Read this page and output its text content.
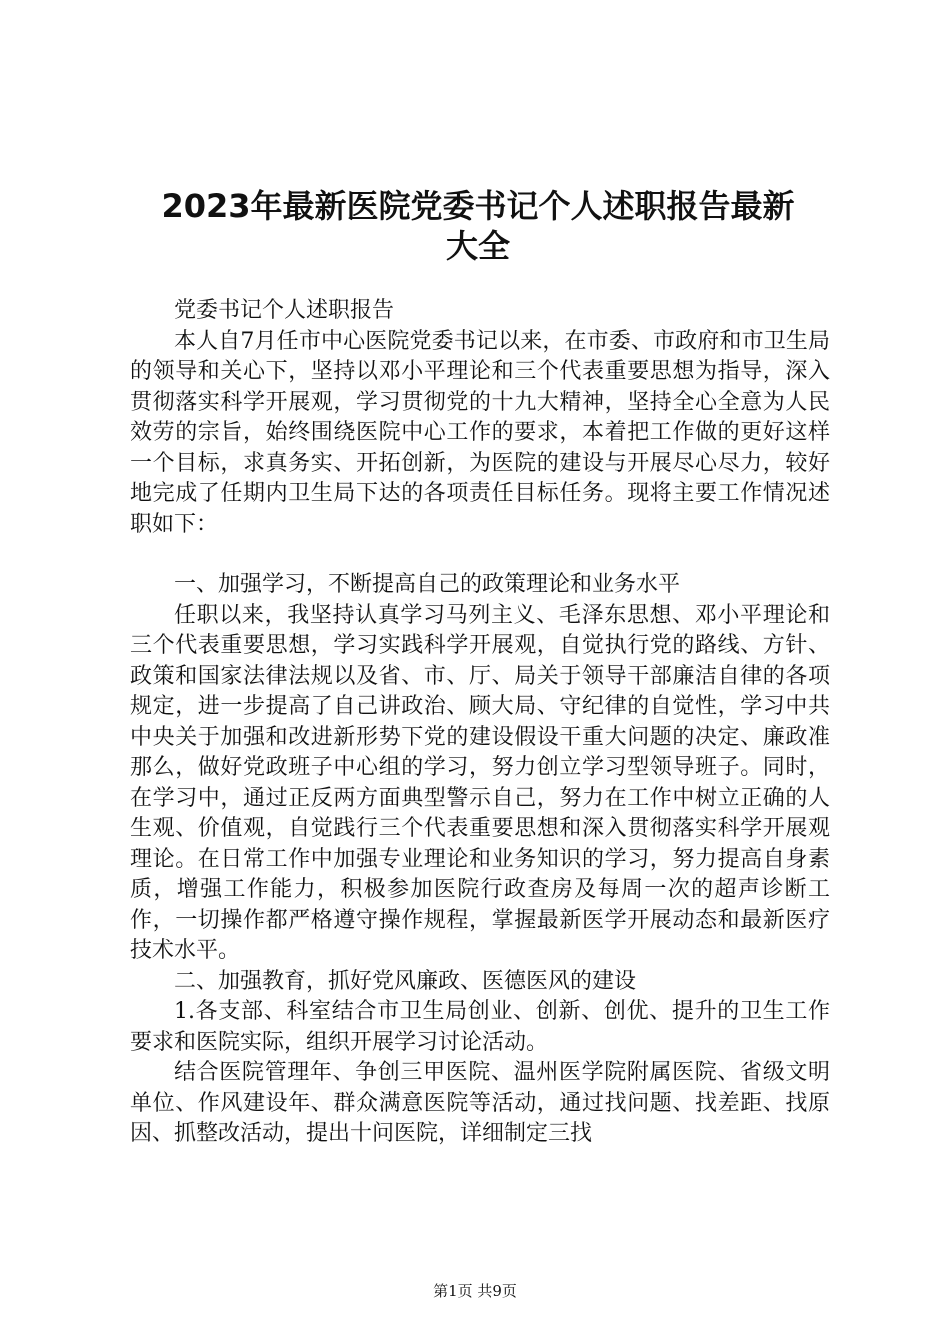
2023年最新医院党委书记个人述职报告最新
大全

党委书记个人述职报告

本人自7月任市中心医院党委书记以来，在市委、市政府和市卫生局的领导和关心下，坚持以邓小平理论和三个代表重要思想为指导，深入贯彻落实科学开展观，学习贯彻党的十九大精神，坚持全心全意为人民效劳的宗旨，始终围绕医院中心工作的要求，本着把工作做的更好这样一个目标，求真务实、开拓创新，为医院的建设与开展尽心尽力，较好地完成了任期内卫生局下达的各项责任目标任务。现将主要工作情况述职如下：

一、加强学习，不断提高自己的政策理论和业务水平

任职以来，我坚持认真学习马列主义、毛泽东思想、邓小平理论和三个代表重要思想，学习实践科学开展观，自觉执行党的路线、方针、政策和国家法律法规以及省、市、厅、局关于领导干部廉洁自律的各项规定，进一步提高了自己讲政治、顾大局、守纪律的自觉性，学习中共中央关于加强和改进新形势下党的建设假设干重大问题的决定、廉政准那么，做好党政班子中心组的学习，努力创立学习型领导班子。同时，在学习中，通过正反两方面典型警示自己，努力在工作中树立正确的人生观、价值观，自觉践行三个代表重要思想和深入贯彻落实科学开展观理论。在日常工作中加强专业理论和业务知识的学习，努力提高自身素质，增强工作能力，积极参加医院行政查房及每周一次的超声诊断工作，一切操作都严格遵守操作规程，掌握最新医学开展动态和最新医疗技术水平。

二、加强教育，抓好党风廉政、医德医风的建设

1.各支部、科室结合市卫生局创业、创新、创优、提升的卫生工作要求和医院实际，组织开展学习讨论活动。

结合医院管理年、争创三甲医院、温州医学院附属医院、省级文明单位、作风建设年、群众满意医院等活动，通过找问题、找差距、找原因、抓整改活动，提出十问医院，详细制定三找

第1页 共9页
